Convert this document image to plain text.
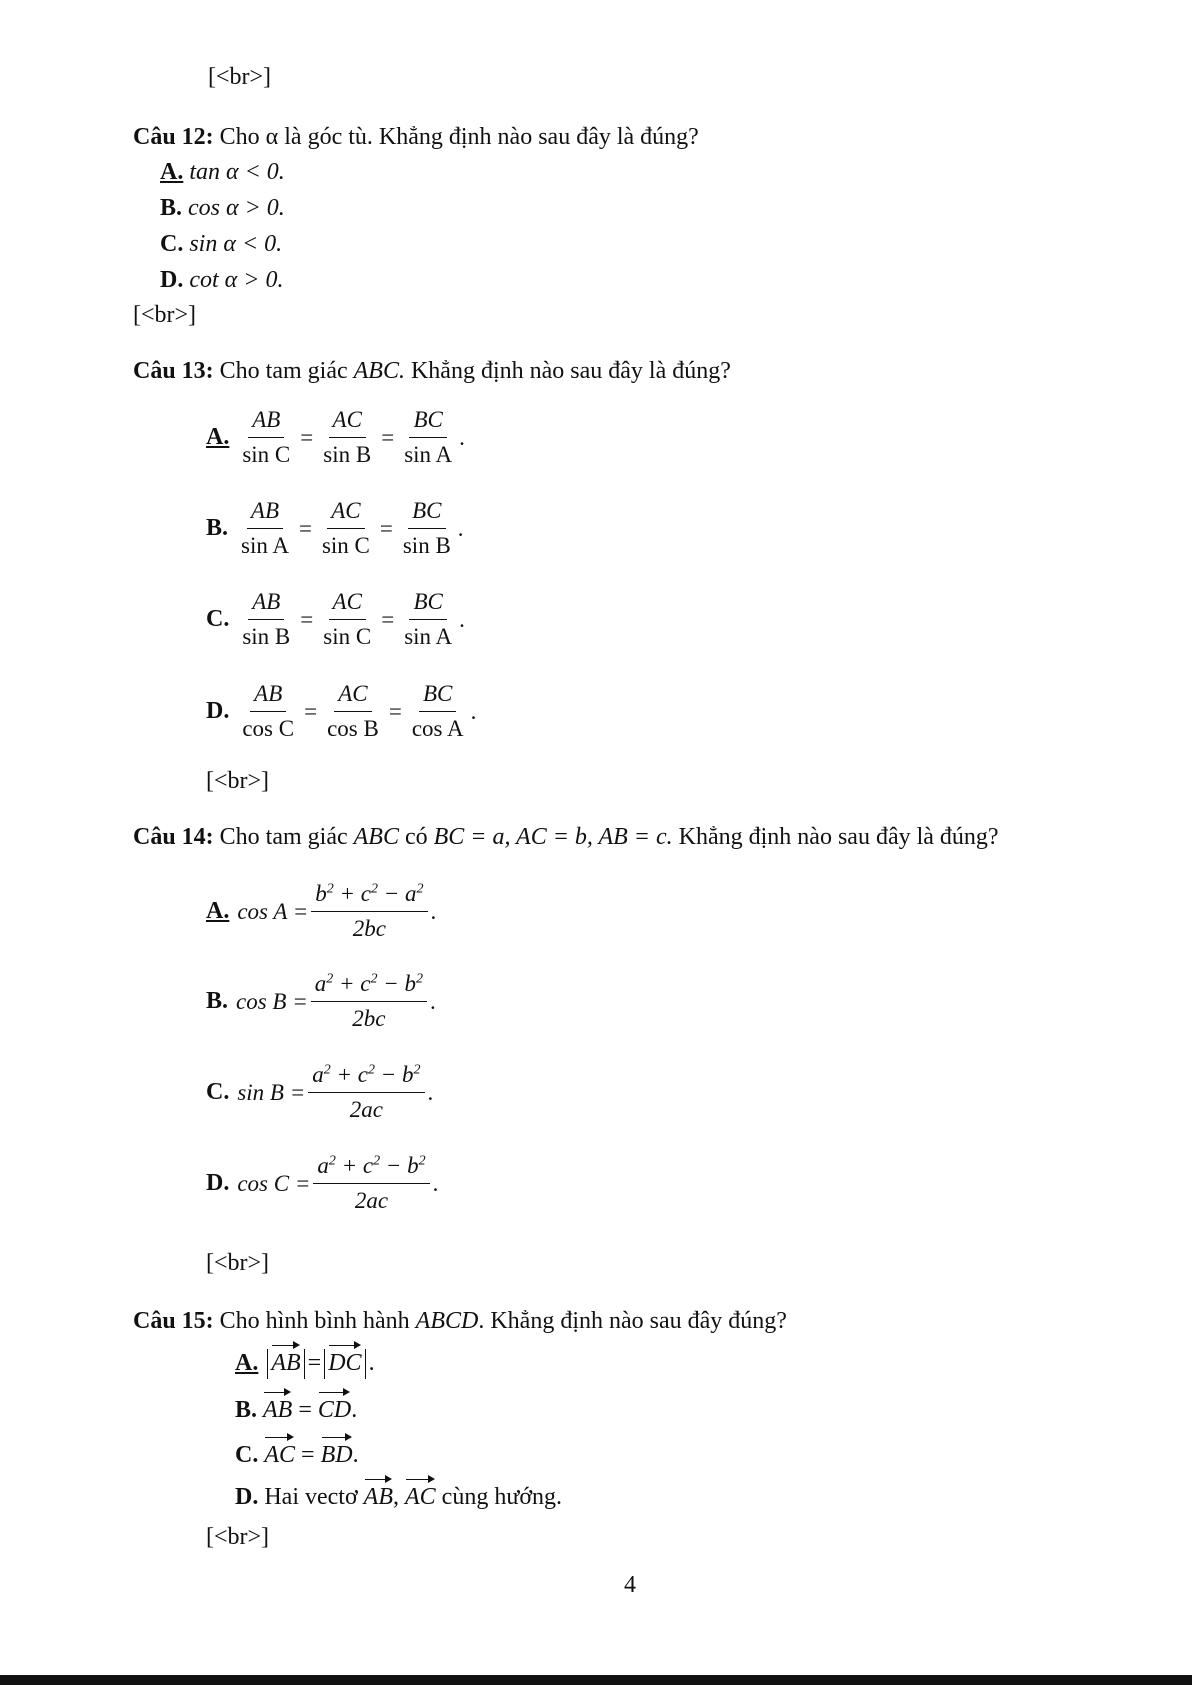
[<br>]
Câu 12: Cho α là góc tù. Khẳng định nào sau đây là đúng?
A. tan α < 0.
B. cos α > 0.
C. sin α < 0.
D. cot α > 0.
[<br>]
Câu 13: Cho tam giác ABC. Khẳng định nào sau đây là đúng?
A. $\frac{AB}{\text{sin C}} = \frac{AC}{\text{sin B}} = \frac{BC}{\text{sin A}}$ .
B. $\frac{AB}{\text{sin A}} = \frac{AC}{\text{sin C}} = \frac{BC}{\text{sin B}}$ .
C. $\frac{AB}{\text{sin B}} = \frac{AC}{\text{sin C}} = \frac{BC}{\text{sin A}}$ .
D. $\frac{AB}{\text{cos C}} = \frac{AC}{\text{cos B}} = \frac{BC}{\text{cos A}}$ .
[<br>]
Câu 14: Cho tam giác ABC có BC = a, AC = b, AB = c. Khẳng định nào sau đây là đúng?
A. $\cos A = \frac{b^2 + c^2 - a^2}{2bc}$ .
B. $\cos B = \frac{a^2 + c^2 - b^2}{2bc}$ .
C. $\sin B = \frac{a^2 + c^2 - b^2}{2ac}$ .
D. $\cos C = \frac{a^2 + c^2 - b^2}{2ac}$ .
[<br>]
Câu 15: Cho hình bình hành ABCD. Khẳng định nào sau đây đúng?
A. AB = DC .
B. AB = CD.
C. AC = BD.
D. Hai vectơ AB, AC cùng hướng.
[<br>]
4
